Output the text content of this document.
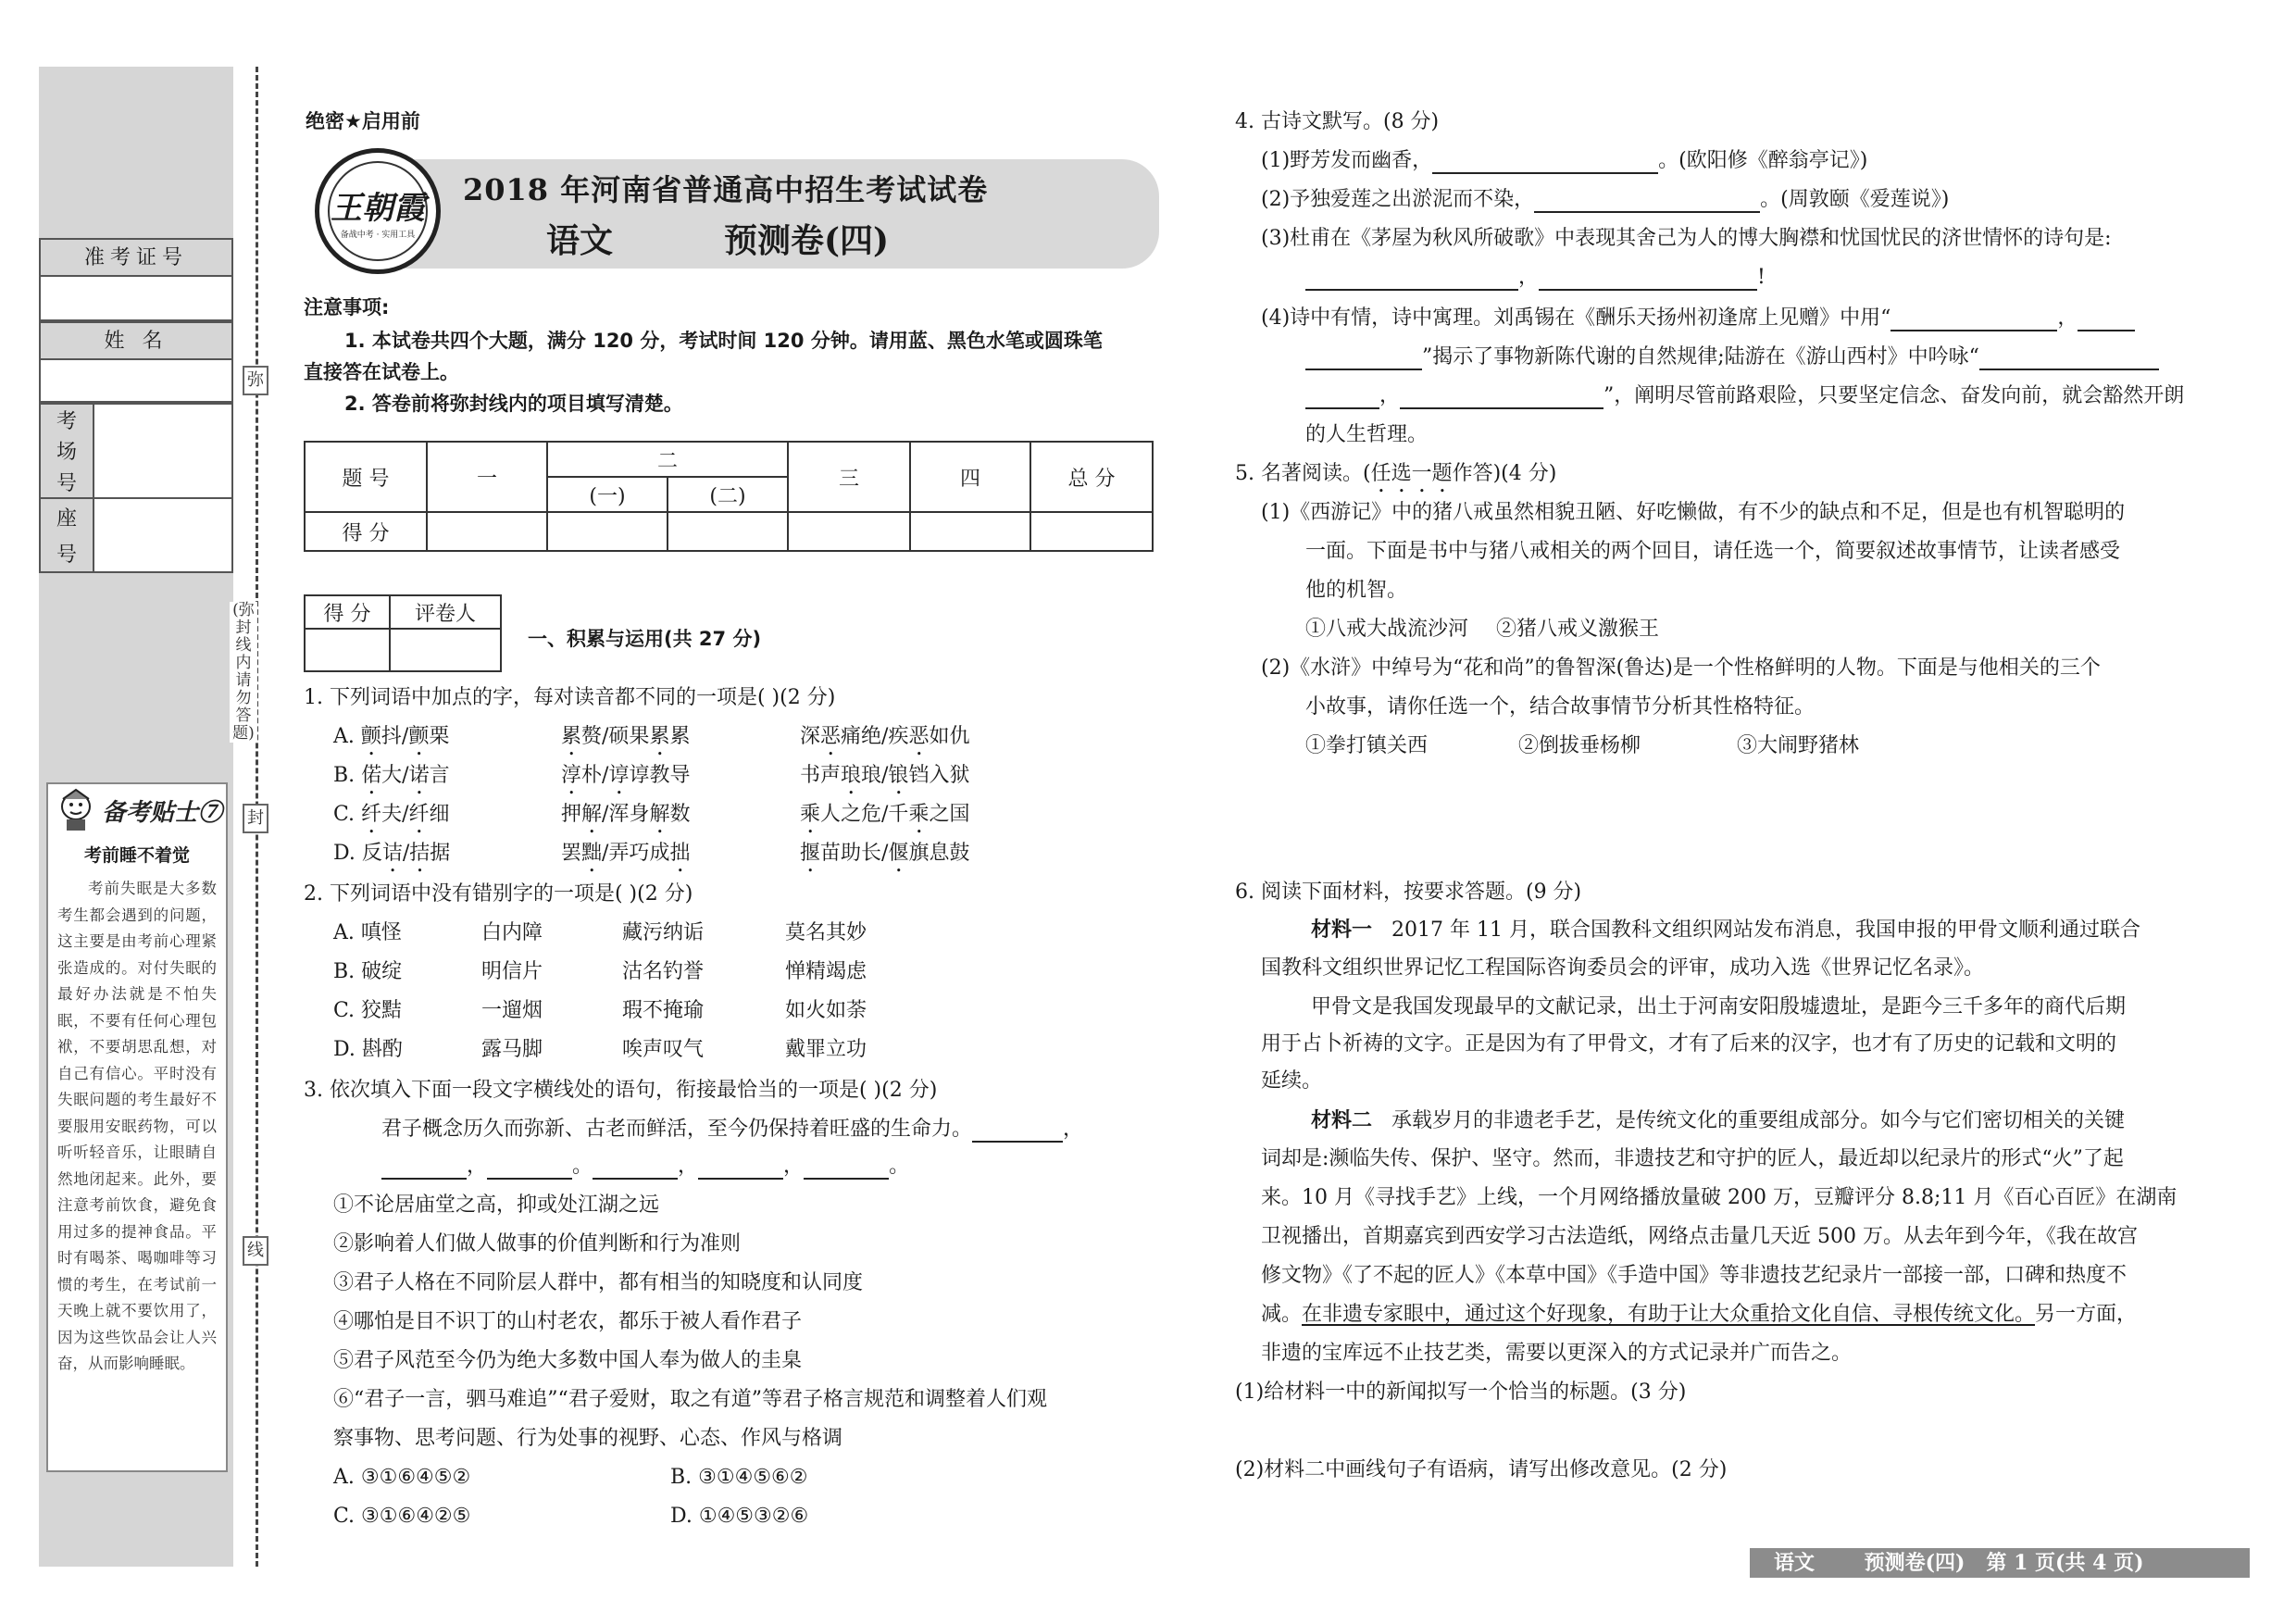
准考证号
姓 名
考
场
号
座
号
备考贴士⑦
考前睡不着觉
考前失眠是大多数考生都会遇到的问题，这主要是由考前心理紧张造成的。对付失眠的最好办法就是不怕失眠，不要有任何心理包袱，不要胡思乱想，对自己有信心。平时没有失眠问题的考生最好不要服用安眠药物，可以听听轻音乐，让眼睛自然地闭起来。此外，要注意考前饮食，避免食用过多的提神食品。平时有喝茶、喝咖啡等习惯的考生，在考试前一天晚上就不要饮用了，因为这些饮品会让人兴奋，从而影响睡眠。
弥
封
线
(弥封线内请勿答题)
绝密★启用前
王朝霞
备战中考 · 实用工具
2018 年河南省普通高中招生考试试卷
语文	预测卷(四)
注意事项:
1. 本试卷共四个大题，满分 120 分，考试时间 120 分钟。请用蓝、黑色水笔或圆珠笔
直接答在试卷上。
2. 答卷前将弥封线内的项目填写清楚。
题 号	一	二		三	四	总 分
		(一)	(二)			
得 分						
得 分	评卷人

一、积累与运用(共 27 分)
1. 下列词语中加点的字，每对读音都不同的一项是( )(2 分)
A. 颤抖/颤栗	累赘/硕果累累	深恶痛绝/疾恶如仇
B. 偌大/诺言	淳朴/谆谆教导	书声琅琅/锒铛入狱
C. 纤夫/纤细	押解/浑身解数	乘人之危/千乘之国
D. 反诘/拮据	罢黜/弄巧成拙	揠苗助长/偃旗息鼓
2. 下列词语中没有错别字的一项是( )(2 分)
A. 嗔怪	白内障	藏污纳诟	莫名其妙
B. 破绽	明信片	沽名钓誉	惮精竭虑
C. 狡黠	一遛烟	瑕不掩瑜	如火如荼
D. 斟酌	露马脚	唉声叹气	戴罪立功
3. 依次填入下面一段文字横线处的语句，衔接最恰当的一项是( )(2 分)
君子概念历久而弥新、古老而鲜活，至今仍保持着旺盛的生命力。	，
，	。	，	，	。
①不论居庙堂之高，抑或处江湖之远
②影响着人们做人做事的价值判断和行为准则
③君子人格在不同阶层人群中，都有相当的知晓度和认同度
④哪怕是目不识丁的山村老农，都乐于被人看作君子
⑤君子风范至今仍为绝大多数中国人奉为做人的圭臬
⑥“君子一言，驷马难追”“君子爱财，取之有道”等君子格言规范和调整着人们观
察事物、思考问题、行为处事的视野、心态、作风与格调
A. ③①⑥④⑤②	B. ③①④⑤⑥②
C. ③①⑥④②⑤	D. ①④⑤③②⑥
4. 古诗文默写。(8 分)
(1)野芳发而幽香，	。(欧阳修《醉翁亭记》)
(2)予独爱莲之出淤泥而不染，	。(周敦颐《爱莲说》)
(3)杜甫在《茅屋为秋风所破歌》中表现其舍己为人的博大胸襟和忧国忧民的济世情怀的诗句是:
，	!
(4)诗中有情，诗中寓理。刘禹锡在《酬乐天扬州初逢席上见赠》中用“	，
”揭示了事物新陈代谢的自然规律;陆游在《游山西村》中吟咏“
，	”，阐明尽管前路艰险，只要坚定信念、奋发向前，就会豁然开朗
的人生哲理。
5. 名著阅读。(任选一题作答)(4 分)
(1)《西游记》中的猪八戒虽然相貌丑陋、好吃懒做，有不少的缺点和不足，但是也有机智聪明的
一面。下面是书中与猪八戒相关的两个回目，请任选一个，简要叙述故事情节，让读者感受
他的机智。
①八戒大战流沙河 ②猪八戒义激猴王
(2)《水浒》中绰号为“花和尚”的鲁智深(鲁达)是一个性格鲜明的人物。下面是与他相关的三个
小故事，请你任选一个，结合故事情节分析其性格特征。
①拳打镇关西	②倒拔垂杨柳	③大闹野猪林
6. 阅读下面材料，按要求答题。(9 分)
材料一 2017 年 11 月，联合国教科文组织网站发布消息，我国申报的甲骨文顺利通过联合
国教科文组织世界记忆工程国际咨询委员会的评审，成功入选《世界记忆名录》。
甲骨文是我国发现最早的文献记录，出土于河南安阳殷墟遗址，是距今三千多年的商代后期
用于占卜祈祷的文字。正是因为有了甲骨文，才有了后来的汉字，也才有了历史的记载和文明的
延续。
材料二 承载岁月的非遗老手艺，是传统文化的重要组成部分。如今与它们密切相关的关键
词却是:濒临失传、保护、坚守。然而，非遗技艺和守护的匠人，最近却以纪录片的形式“火”了起
来。10 月《寻找手艺》上线，一个月网络播放量破 200 万，豆瓣评分 8.8;11 月《百心百匠》在湖南
卫视播出，首期嘉宾到西安学习古法造纸，网络点击量几天近 500 万。从去年到今年，《我在故宫
修文物》《了不起的匠人》《本草中国》《手造中国》等非遗技艺纪录片一部接一部，口碑和热度不
减。在非遗专家眼中，通过这个好现象，有助于让大众重拾文化自信、寻根传统文化。另一方面，
非遗的宝库远不止技艺类，需要以更深入的方式记录并广而告之。
(1)给材料一中的新闻拟写一个恰当的标题。(3 分)
(2)材料二中画线句子有语病，请写出修改意见。(2 分)
语文       预测卷(四)   第 1 页(共 4 页)
